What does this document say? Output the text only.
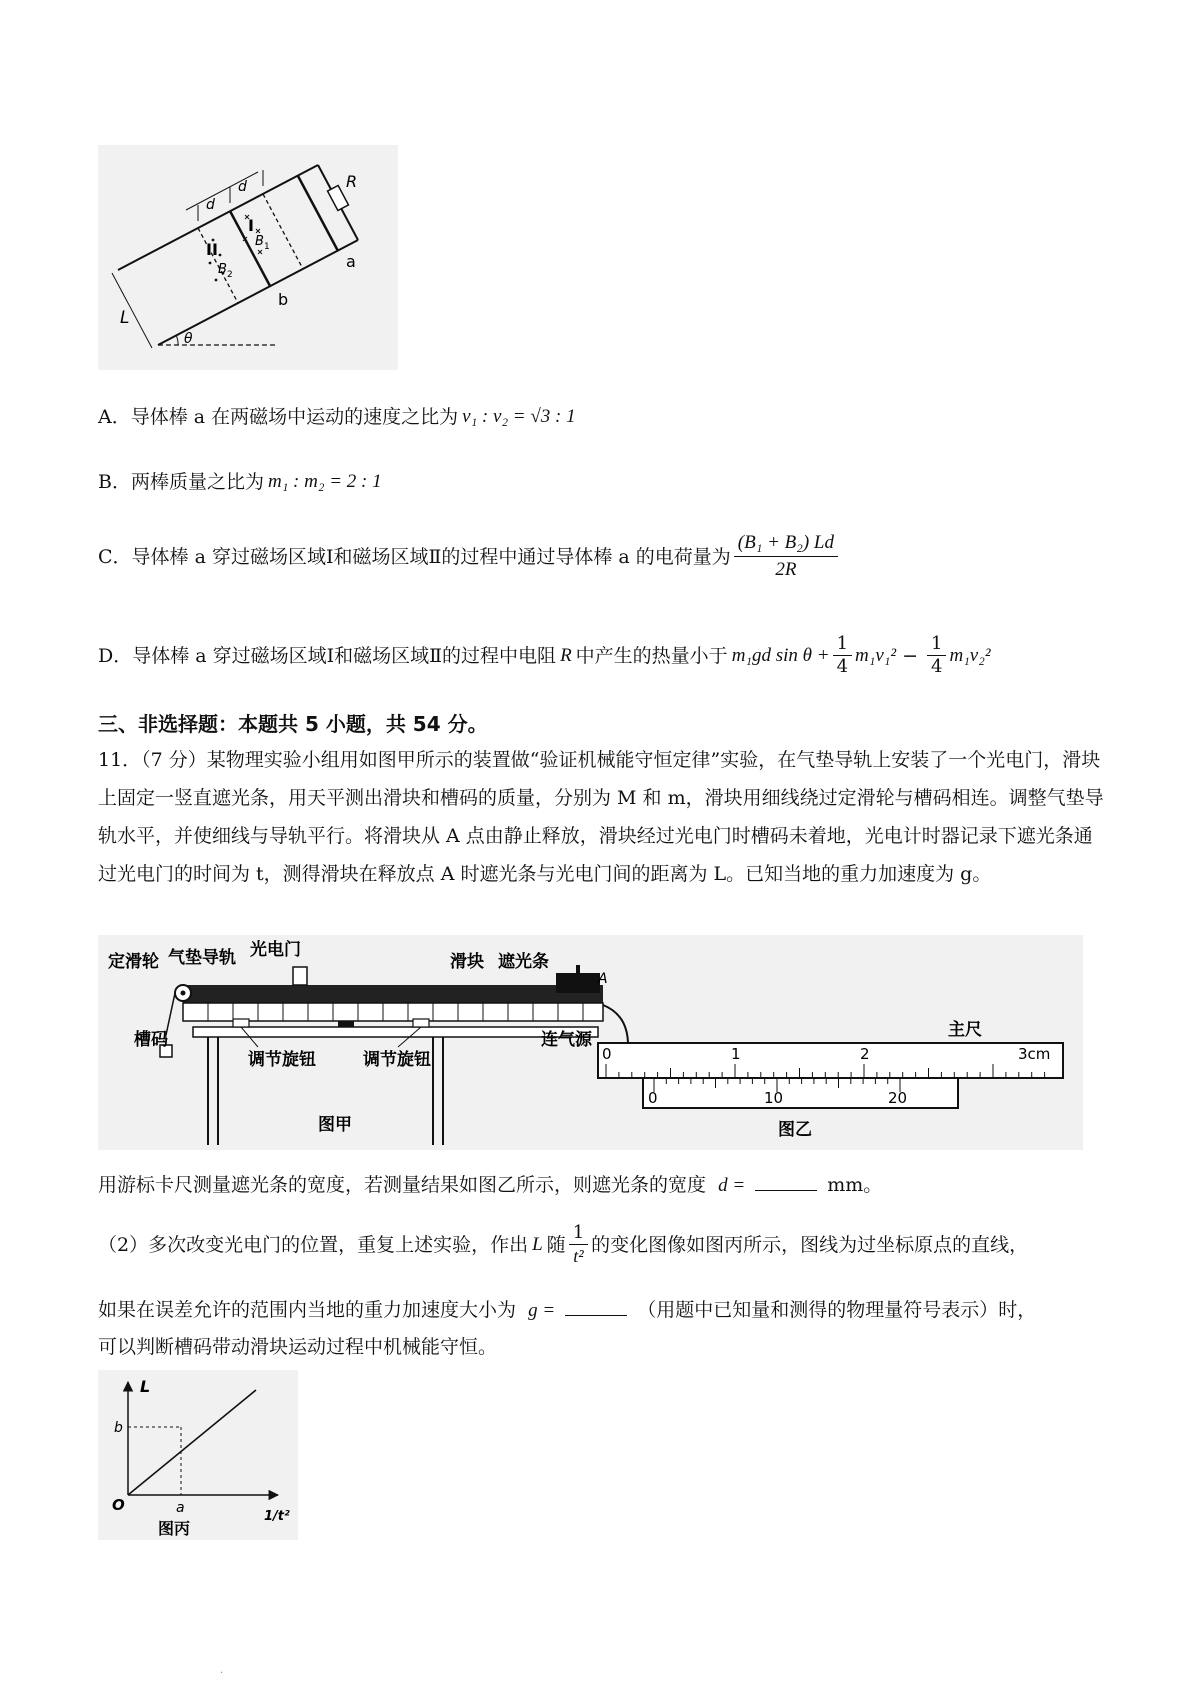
R
d
d
II
I
B 2
B 1
a
b
L
θ
A．导体棒 a 在两磁场中运动的速度之比为 v₁ : v₂ = √3 : 1
B．两棒质量之比为 m₁ : m₂ = 2 : 1
C．导体棒 a 穿过磁场区域Ⅰ和磁场区域Ⅱ的过程中通过导体棒 a 的电荷量为 $\frac{\text{(B₁ + B₂) Ld}}{2R}$
D．导体棒 a 穿过磁场区域Ⅰ和磁场区域Ⅱ的过程中电阻 R 中产生的热量小于 m₁gd $\sin \theta + \frac{1}{4} m_1v_1^2 - \frac{1}{4} m_1v_2^2$
三、非选择题：本题共 5 小题，共 54 分。
11．（7 分）某物理实验小组用如图甲所示的装置做“验证机械能守恒定律”实验，在气垫导轨上安装了一个光电门，滑块上固定一竖直遮光条，用天平测出滑块和槽码的质量，分别为 M 和 m，滑块用细线绕过定滑轮与槽码相连。调整气垫导轨水平，并使细线与导轨平行。将滑块从 A 点由静止释放，滑块经过光电门时槽码未着地，光电计时器记录下遮光条通过光电门的时间为 t，测得滑块在释放点 A 时遮光条与光电门间的距离为 L。已知当地的重力加速度为 g。
定滑轮 气垫导轨 光电门
滑块 遮光条
A
槽码
调节旋钮	调节旋钮
连气源
图甲
主尺
0	1	2	3cm
0	10	20
图乙
用游标卡尺测量遮光条的宽度，若测量结果如图乙所示，则遮光条的宽度 d =	mm。
（2）多次改变光电门的位置，重复上述实验，作出 L 随 $\frac{1}{\text{t²}}$ 的变化图像如图丙所示，图线为过坐标原点的直线，
如果在误差允许的范围内当地的重力加速度大小为 g =	（用题中已知量和测得的物理量符号表示）时，
可以判断槽码带动滑块运动过程中机械能守恒。
L
1/t²
O	a
b
图丙
.
